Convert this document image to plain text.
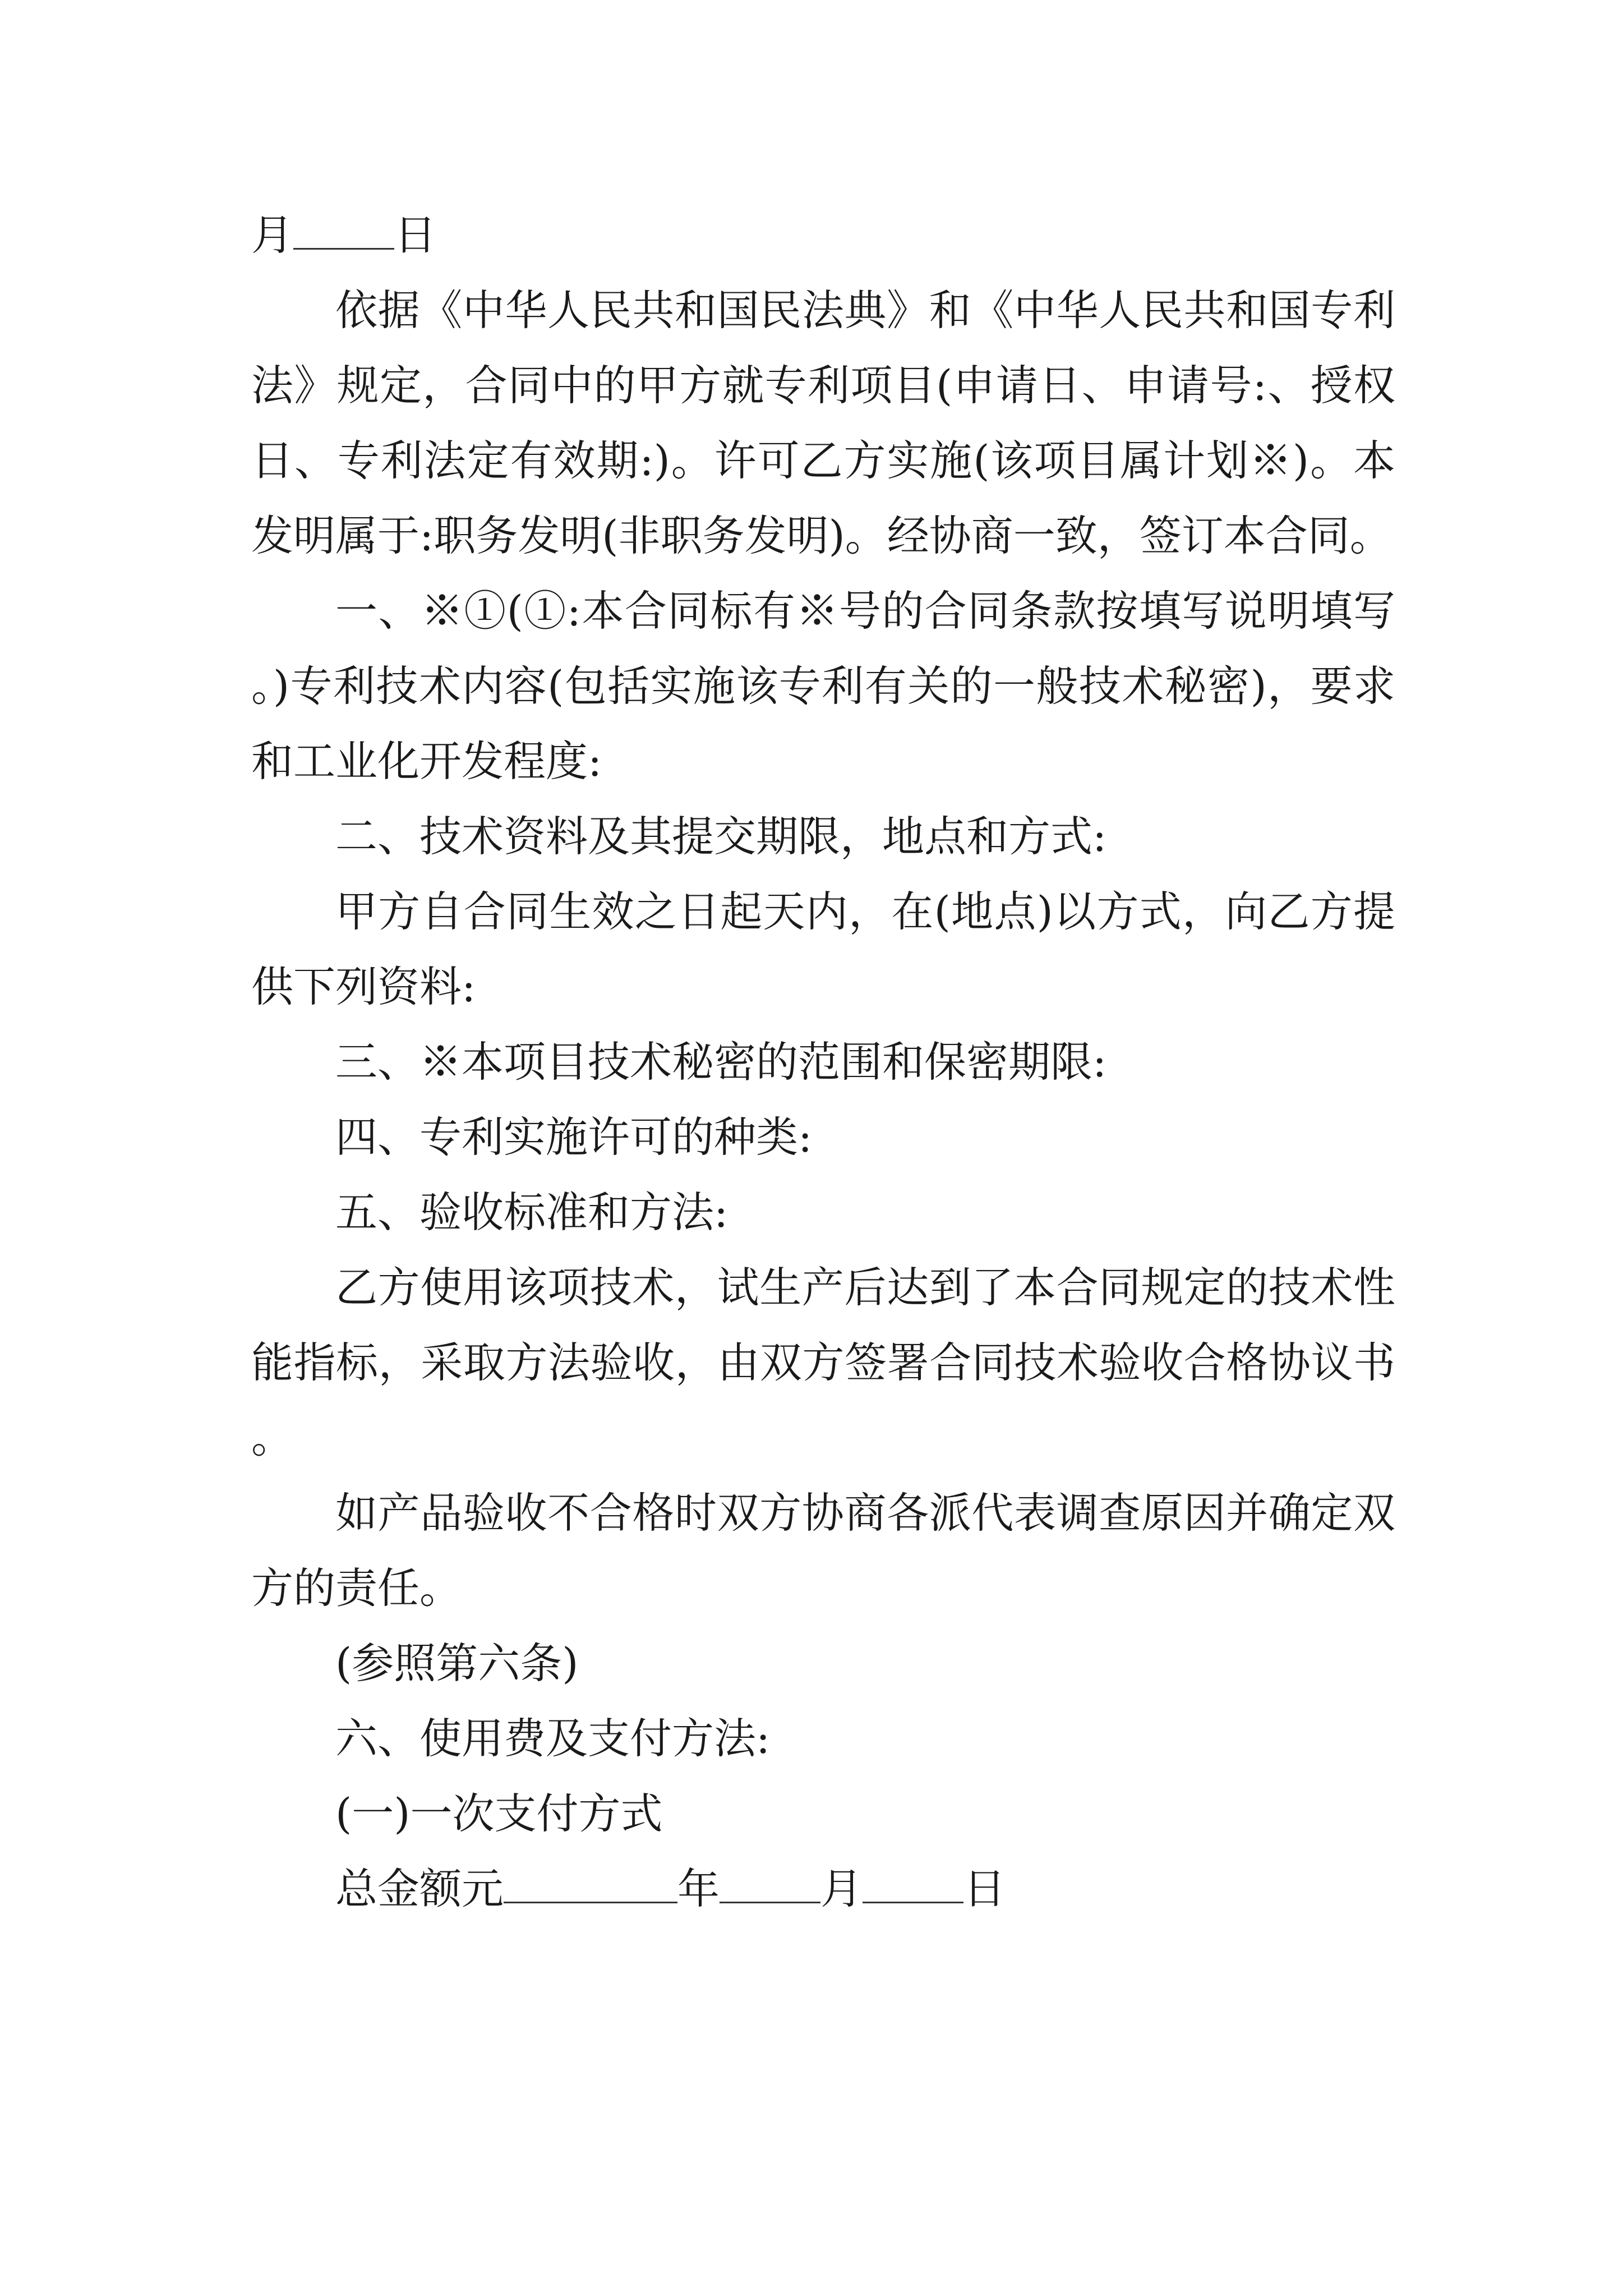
月 日

依据《中华人民共和国民法典》和《中华人民共和国专利法》规定，合同中的甲方就专利项目(申请日、申请号:、授权日、专利法定有效期:)。许可乙方实施(该项目属计划※)。本发明属于:职务发明(非职务发明)。经协商一致，签订本合同。

一、※①(①:本合同标有※号的合同条款按填写说明填写。)专利技术内容(包括实施该专利有关的一般技术秘密)，要求和工业化开发程度:

二、技术资料及其提交期限，地点和方式:

甲方自合同生效之日起天内，在(地点)以方式，向乙方提供下列资料:

三、※本项目技术秘密的范围和保密期限:

四、专利实施许可的种类:

五、验收标准和方法:

乙方使用该项技术，试生产后达到了本合同规定的技术性能指标，采取方法验收，由双方签署合同技术验收合格协议书。

如产品验收不合格时双方协商各派代表调查原因并确定双方的责任。

(参照第六条)

六、使用费及支付方法:

(一)一次支付方式

总金额元	年 月 日
